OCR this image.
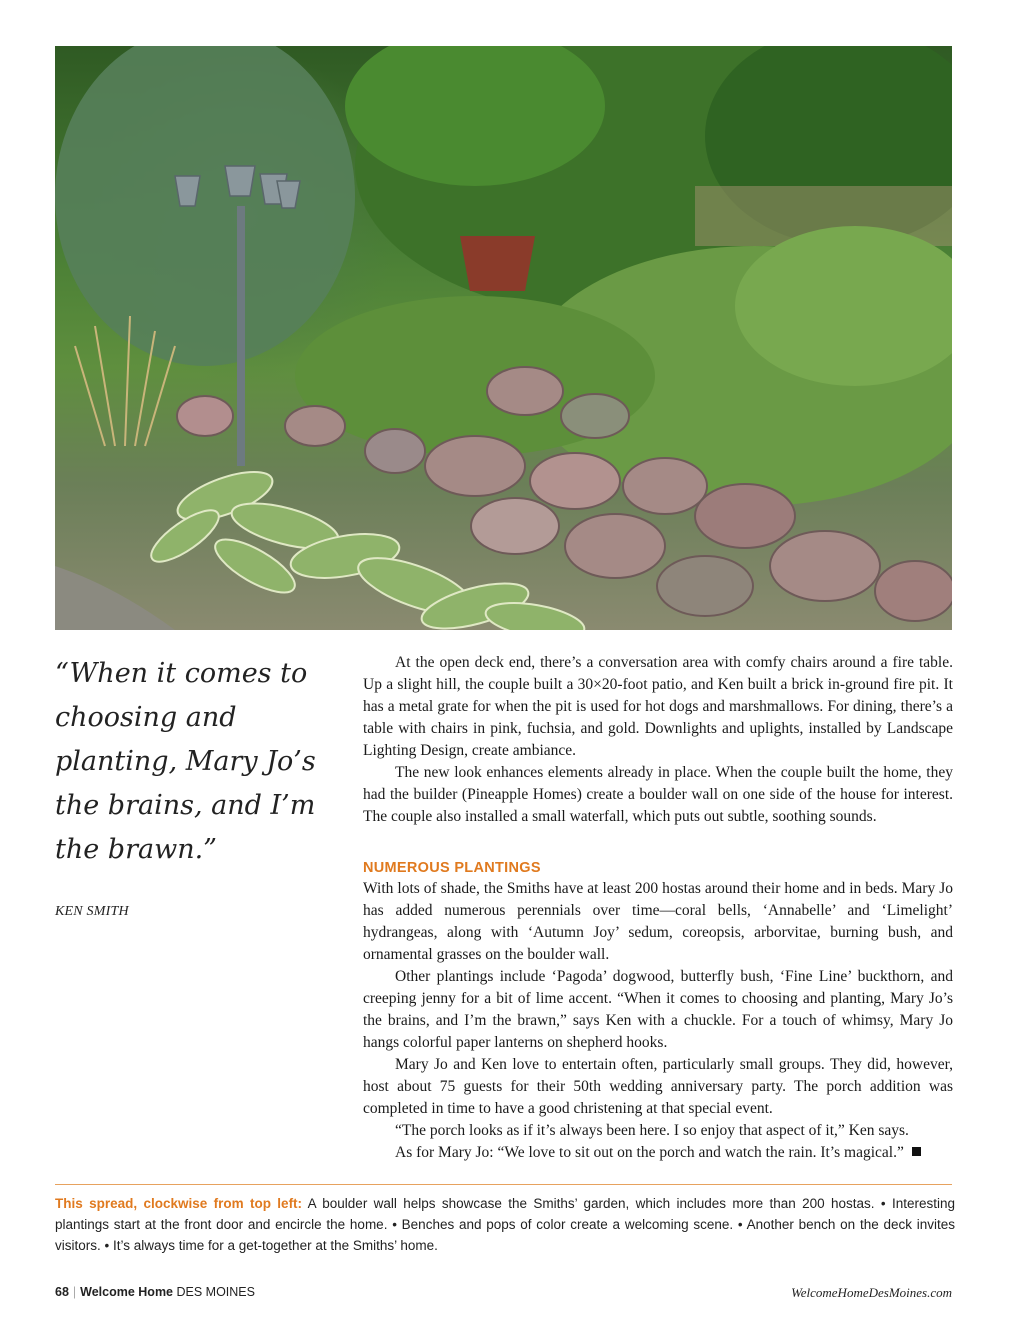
“When it comes to choosing and planting, Mary Jo’s the brains, and I’m the brawn.”

KEN SMITH

At the open deck end, there’s a conversation area with comfy chairs around a fire table. Up a slight hill, the couple built a 30×20-foot patio, and Ken built a brick in-ground fire pit. It has a metal grate for when the pit is used for hot dogs and marshmallows. For dining, there’s a table with chairs in pink, fuchsia, and gold. Downlights and uplights, installed by Landscape Lighting Design, create ambiance.

The new look enhances elements already in place. When the couple built the home, they had the builder (Pineapple Homes) create a boulder wall on one side of the house for interest. The couple also installed a small waterfall, which puts out subtle, soothing sounds.

NUMEROUS PLANTINGS

With lots of shade, the Smiths have at least 200 hostas around their home and in beds. Mary Jo has added numerous perennials over time—coral bells, ‘Annabelle’ and ‘Limelight’ hydrangeas, along with ‘Autumn Joy’ sedum, coreopsis, arborvitae, burning bush, and ornamental grasses on the boulder wall.

Other plantings include ‘Pagoda’ dogwood, butterfly bush, ‘Fine Line’ buckthorn, and creeping jenny for a bit of lime accent. “When it comes to choosing and planting, Mary Jo’s the brains, and I’m the brawn,” says Ken with a chuckle. For a touch of whimsy, Mary Jo hangs colorful paper lanterns on shepherd hooks.

Mary Jo and Ken love to entertain often, particularly small groups. They did, however, host about 75 guests for their 50th wedding anniversary party. The porch addition was completed in time to have a good christening at that special event.

“The porch looks as if it’s always been here. I so enjoy that aspect of it,” Ken says.

As for Mary Jo: “We love to sit out on the porch and watch the rain. It’s magical.”

This spread, clockwise from top left: A boulder wall helps showcase the Smiths’ garden, which includes more than 200 hostas. • Interesting plantings start at the front door and encircle the home. • Benches and pops of color create a welcoming scene. • Another bench on the deck invites visitors. • It’s always time for a get-together at the Smiths’ home.
68 | Welcome Home DES MOINES	WelcomeHomeDesMoines.com
